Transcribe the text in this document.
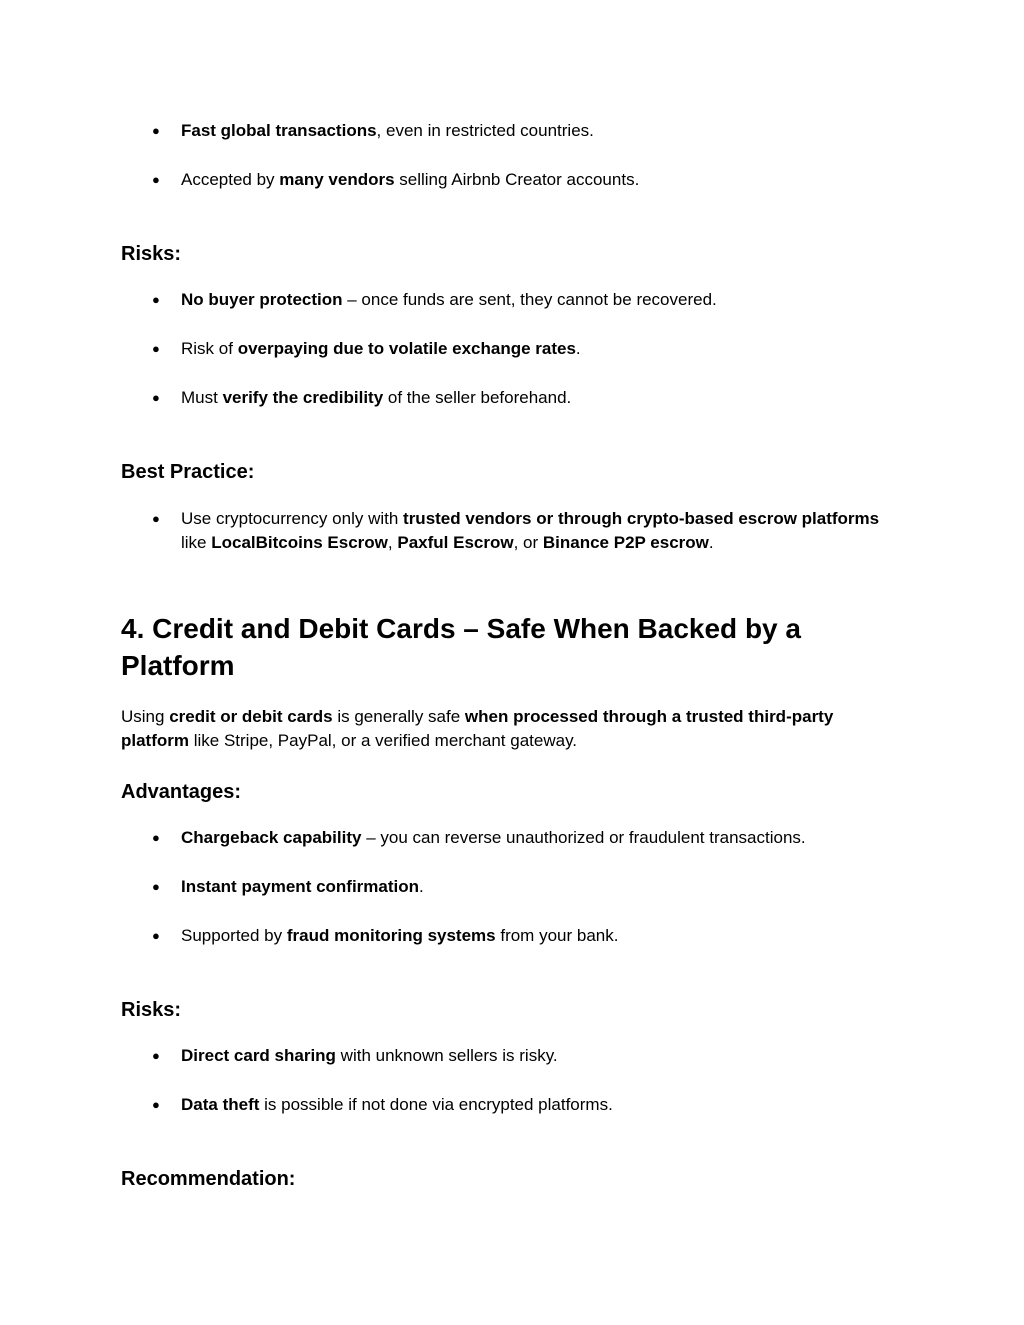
● Fast global transactions, even in restricted countries.
● Accepted by many vendors selling Airbnb Creator accounts.
Risks:
● No buyer protection – once funds are sent, they cannot be recovered.
● Risk of overpaying due to volatile exchange rates.
● Must verify the credibility of the seller beforehand.
Best Practice:
● Use cryptocurrency only with trusted vendors or through crypto-based escrow platforms like LocalBitcoins Escrow, Paxful Escrow, or Binance P2P escrow.
4. Credit and Debit Cards – Safe When Backed by a Platform

Using credit or debit cards is generally safe when processed through a trusted third-party platform like Stripe, PayPal, or a verified merchant gateway.

Advantages:
● Chargeback capability – you can reverse unauthorized or fraudulent transactions.
● Instant payment confirmation.
● Supported by fraud monitoring systems from your bank.
Risks:
● Direct card sharing with unknown sellers is risky.
● Data theft is possible if not done via encrypted platforms.
Recommendation:
